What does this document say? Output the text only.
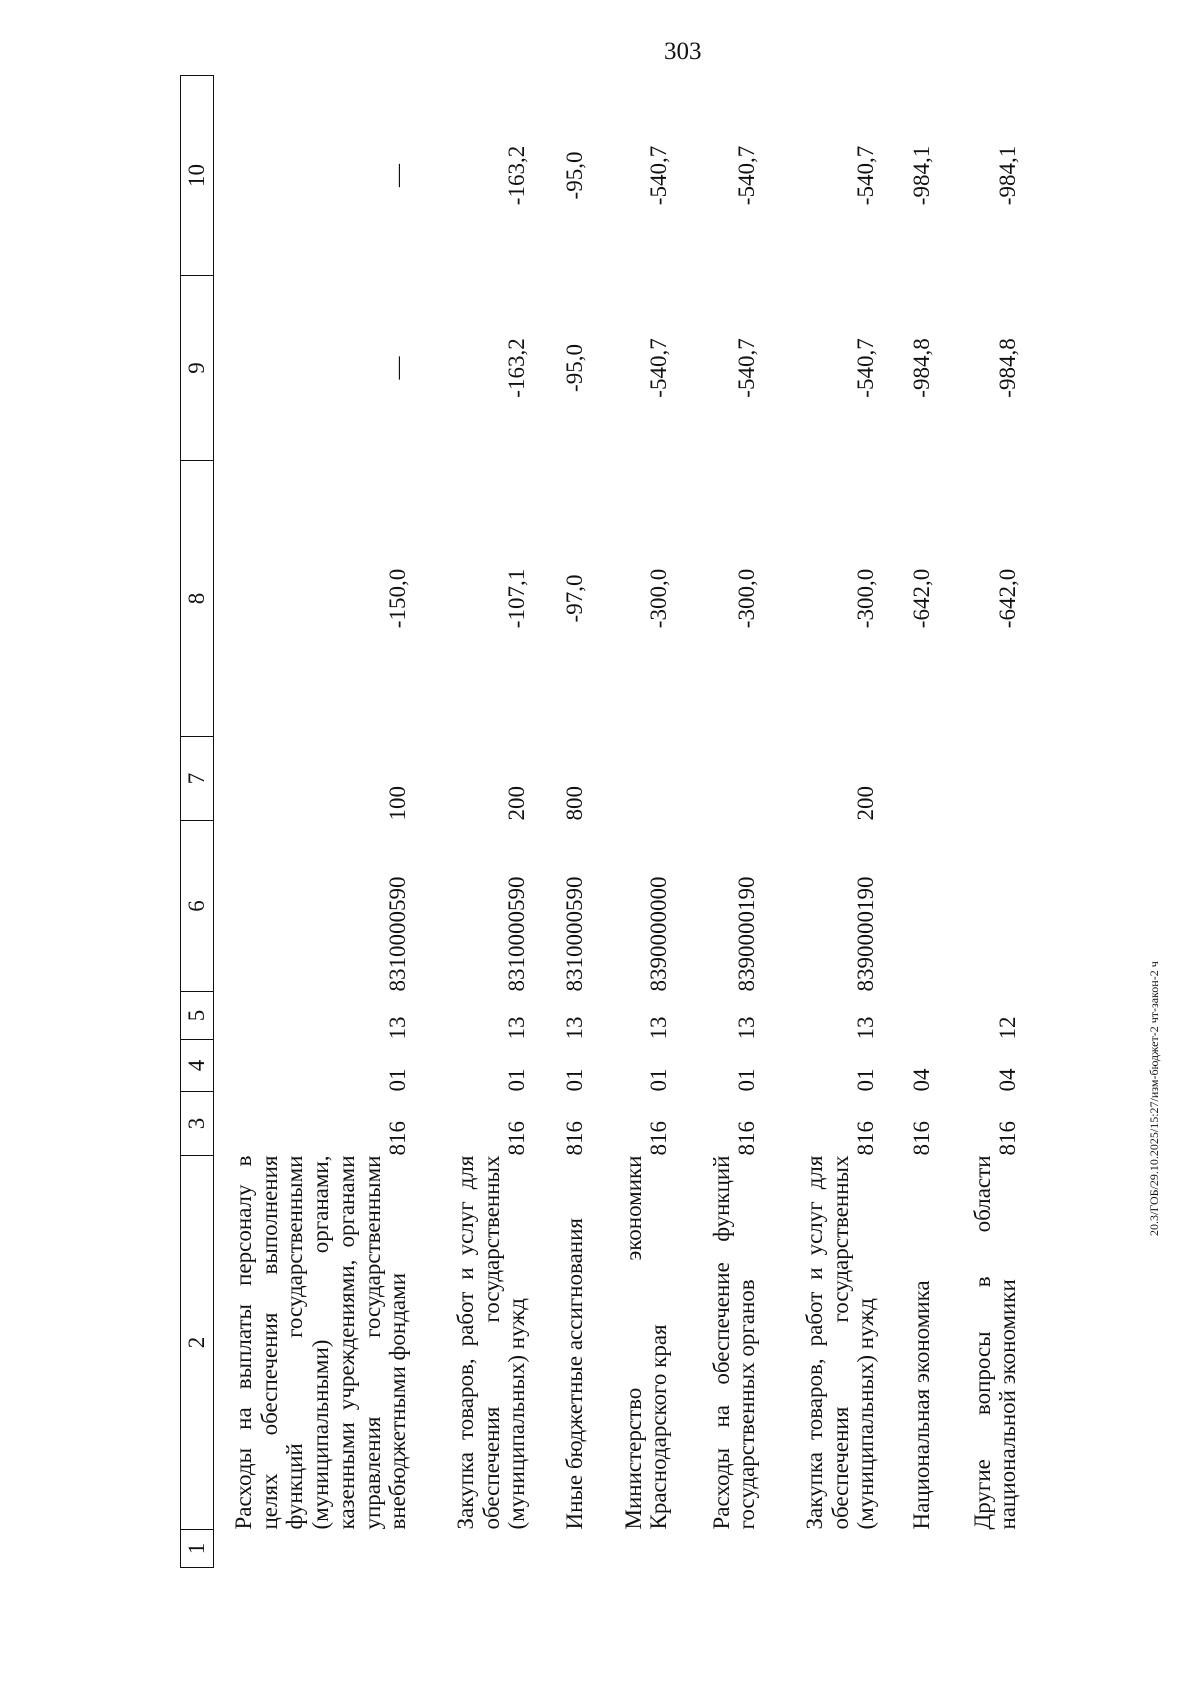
303
20.3/ГОБ/29.10.2025/15:27/изм-бюджет-2 чт-закон-2 ч
1	2	3	4	5	6	7	8	9	10
	Расходы на выплаты персоналу в целях обеспечения выполнения функций государственными (муниципальными) органами, казенными учреждениями, органами управления государственными внебюджетными фондами	816	01	13	8310000590	100	-150,0	—	—
	Закупка товаров, работ и услуг для обеспечения государственных (муниципальных) нужд	816	01	13	8310000590	200	-107,1	-163,2	-163,2
	Иные бюджетные ассигнования	816	01	13	8310000590	800	-97,0	-95,0	-95,0
	Министерство экономики Краснодарского края	816	01	13	8390000000		-300,0	-540,7	-540,7
	Расходы на обеспечение функций государственных органов	816	01	13	8390000190		-300,0	-540,7	-540,7
	Закупка товаров, работ и услуг для обеспечения государственных (муниципальных) нужд	816	01	13	8390000190	200	-300,0	-540,7	-540,7
	Национальная экономика	816	04				-642,0	-984,8	-984,1
	Другие вопросы в области национальной экономики	816	04	12			-642,0	-984,8	-984,1
